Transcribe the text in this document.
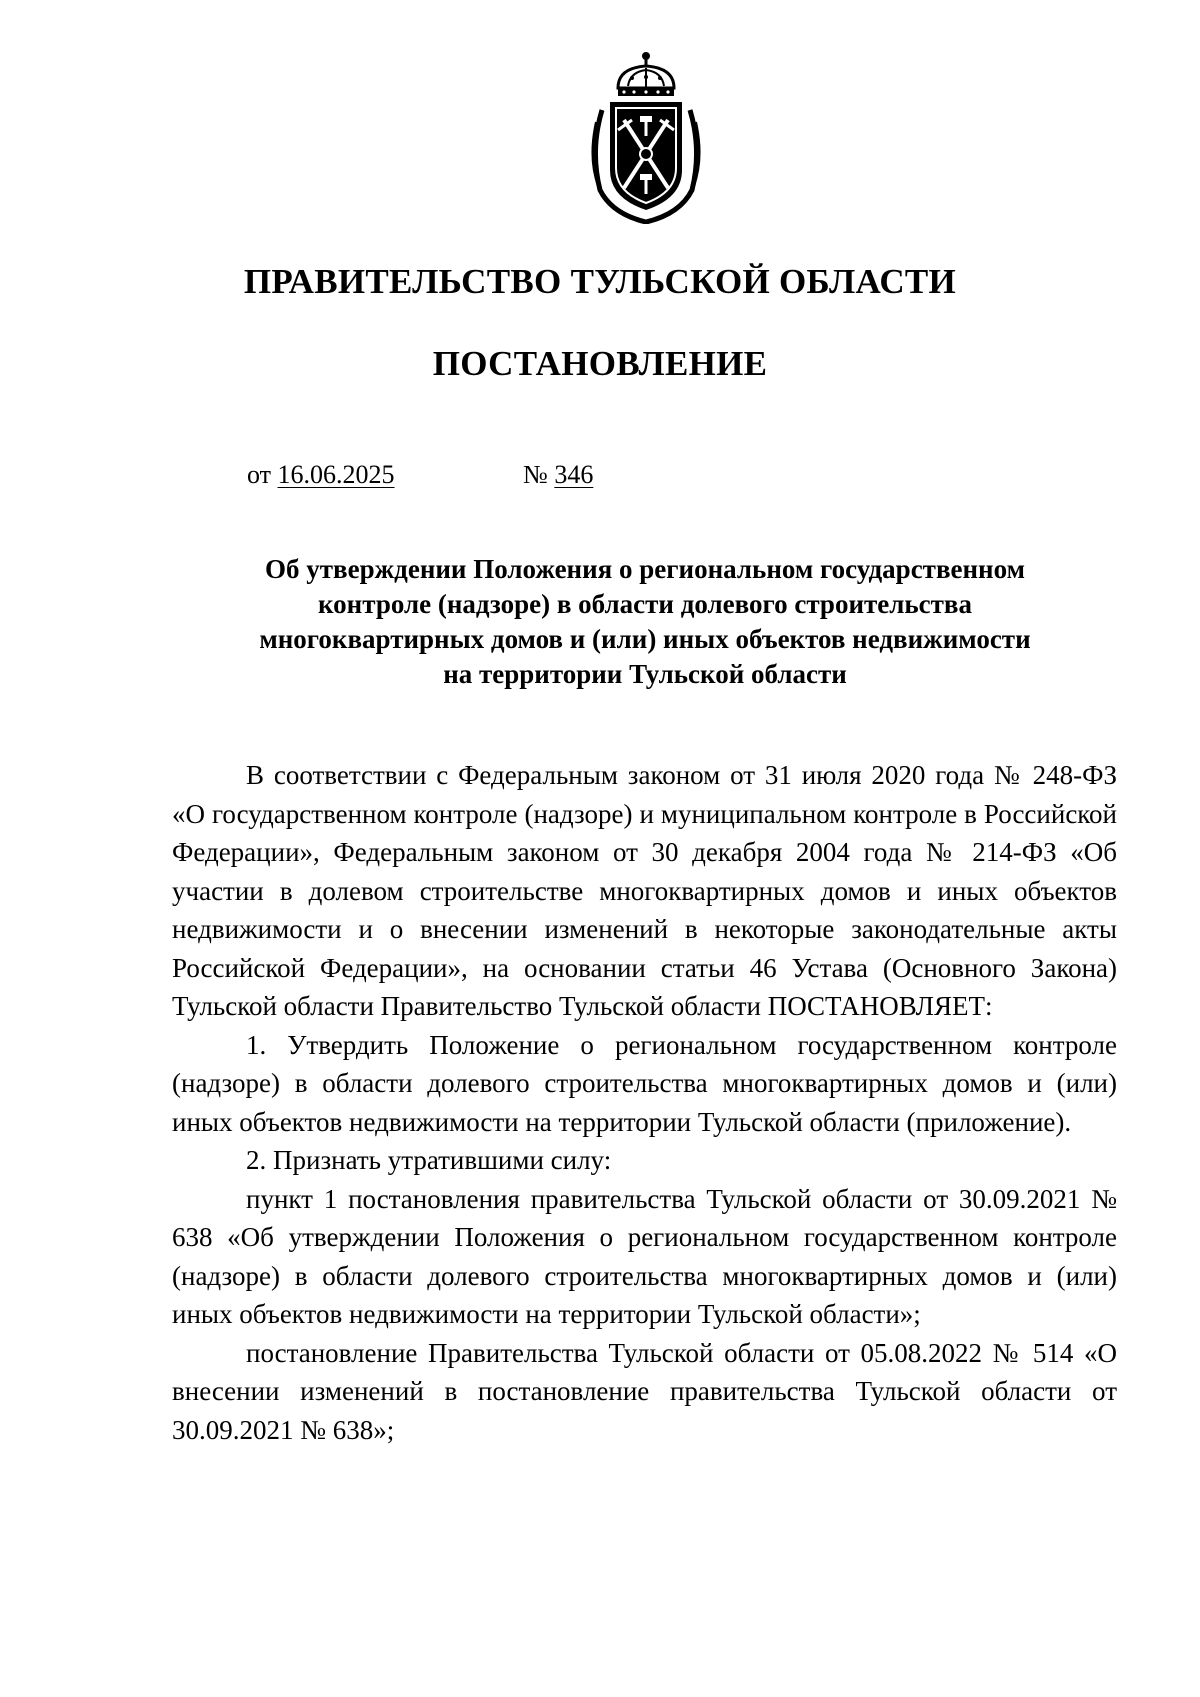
ПРАВИТЕЛЬСТВО ТУЛЬСКОЙ ОБЛАСТИ
ПОСТАНОВЛЕНИЕ
от 16.06.2025	№ 346
Об утверждении Положения о региональном государственном
контроле (надзоре) в области долевого строительства
многоквартирных домов и (или) иных объектов недвижимости
на территории Тульской области

В соответствии с Федеральным законом от 31 июля 2020 года № 248-ФЗ «О государственном контроле (надзоре) и муниципальном контроле в Российской Федерации», Федеральным законом от 30 декабря 2004 года № 214-ФЗ «Об участии в долевом строительстве многоквартирных домов и иных объектов недвижимости и о внесении изменений в некоторые законодательные акты Российской Федерации», на основании статьи 46 Устава (Основного Закона) Тульской области Правительство Тульской области ПОСТАНОВЛЯЕТ:

1. Утвердить Положение о региональном государственном контроле (надзоре) в области долевого строительства многоквартирных домов и (или) иных объектов недвижимости на территории Тульской области (приложение).

2. Признать утратившими силу:

пункт 1 постановления правительства Тульской области от 30.09.2021 № 638 «Об утверждении Положения о региональном государственном контроле (надзоре) в области долевого строительства многоквартирных домов и (или) иных объектов недвижимости на территории Тульской области»;

постановление Правительства Тульской области от 05.08.2022 № 514 «О внесении изменений в постановление правительства Тульской области от 30.09.2021 № 638»;
